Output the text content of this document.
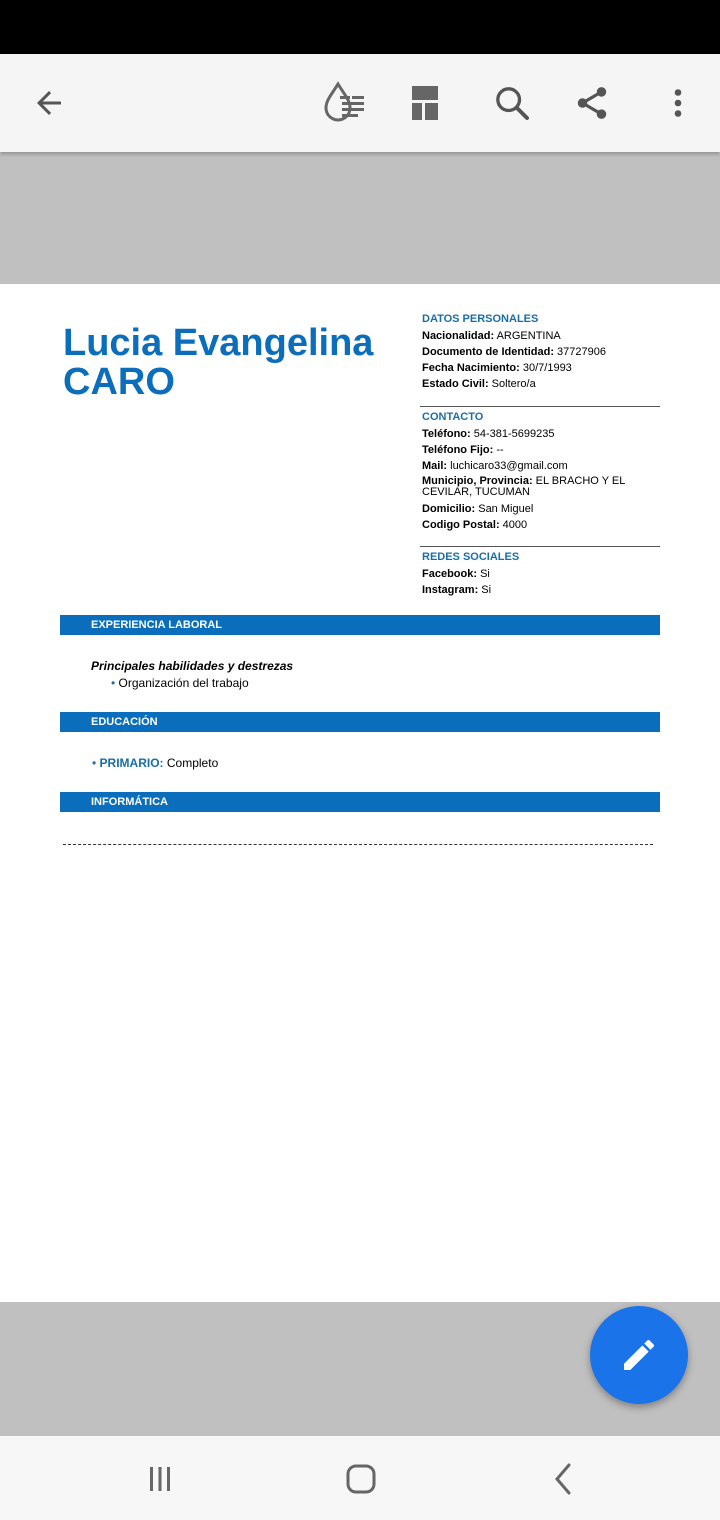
Lucia Evangelina
CARO
DATOS PERSONALES
Nacionalidad: ARGENTINA
Documento de Identidad: 37727906
Fecha Nacimiento: 30/7/1993
Estado Civil: Soltero/a
CONTACTO
Teléfono: 54-381-5699235
Teléfono Fijo: --
Mail: luchicaro33@gmail.com
Municipio, Provincia: EL BRACHO Y EL CEVILAR, TUCUMAN
Domicilio: San Miguel
Codigo Postal: 4000
REDES SOCIALES
Facebook: Si
Instagram: Si
EXPERIENCIA LABORAL
Principales habilidades y destrezas
• Organización del trabajo
EDUCACIÓN
• PRIMARIO: Completo
INFORMÁTICA
